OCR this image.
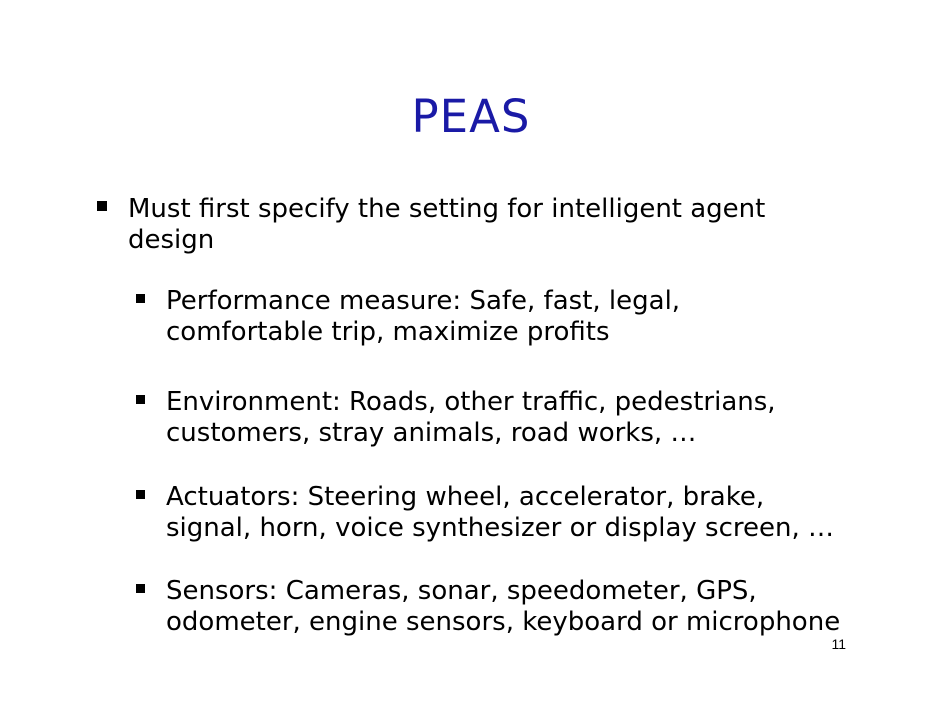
PEAS
Must first specify the setting for intelligent agent
design
Performance measure: Safe, fast, legal,
comfortable trip, maximize profits
Environment: Roads, other traffic, pedestrians,
customers, stray animals, road works, …
Actuators: Steering wheel, accelerator, brake,
signal, horn, voice synthesizer or display screen, …
Sensors: Cameras, sonar, speedometer, GPS,
odometer, engine sensors, keyboard or microphone
11
